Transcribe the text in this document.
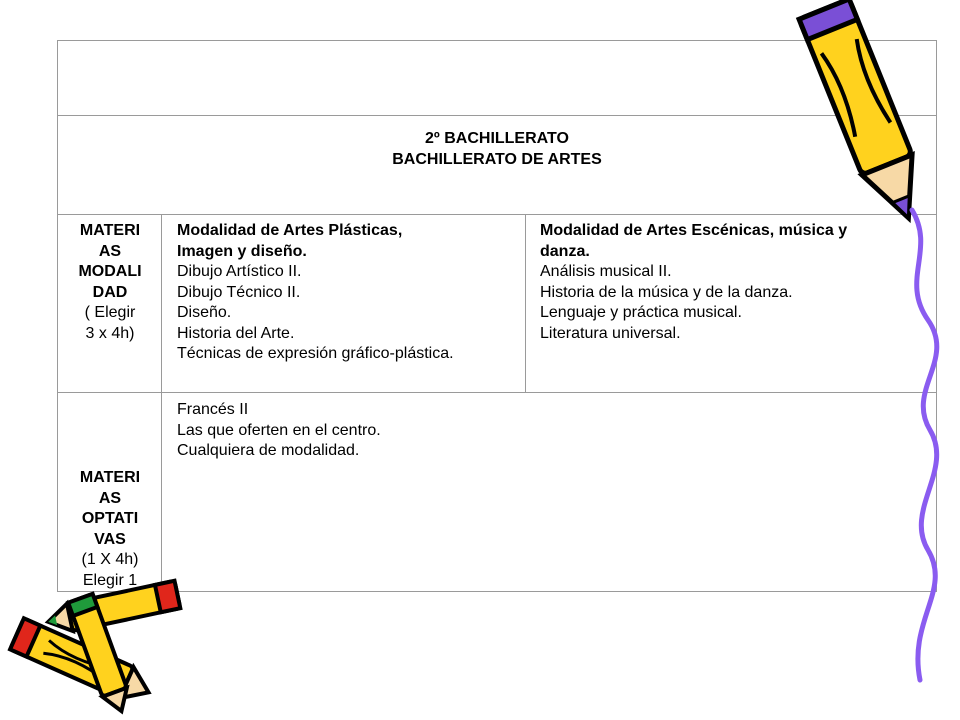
2º BACHILLERATO
BACHILLERATO DE ARTES
MATERI
AS
MODALI
DAD
( Elegir
3 x 4h)
Modalidad de Artes Plásticas,
Imagen y diseño.
Dibujo Artístico II.
Dibujo Técnico II.
Diseño.
Historia del Arte.
Técnicas de expresión gráfico-plástica.
Modalidad de Artes Escénicas, música y
danza.
Análisis musical II.
Historia de la música y de la danza.
Lenguaje y práctica musical.
Literatura universal.
MATERI
AS
OPTATI
VAS
(1 X 4h)
Elegir 1
Francés II
Las que oferten en el centro.
Cualquiera de modalidad.
